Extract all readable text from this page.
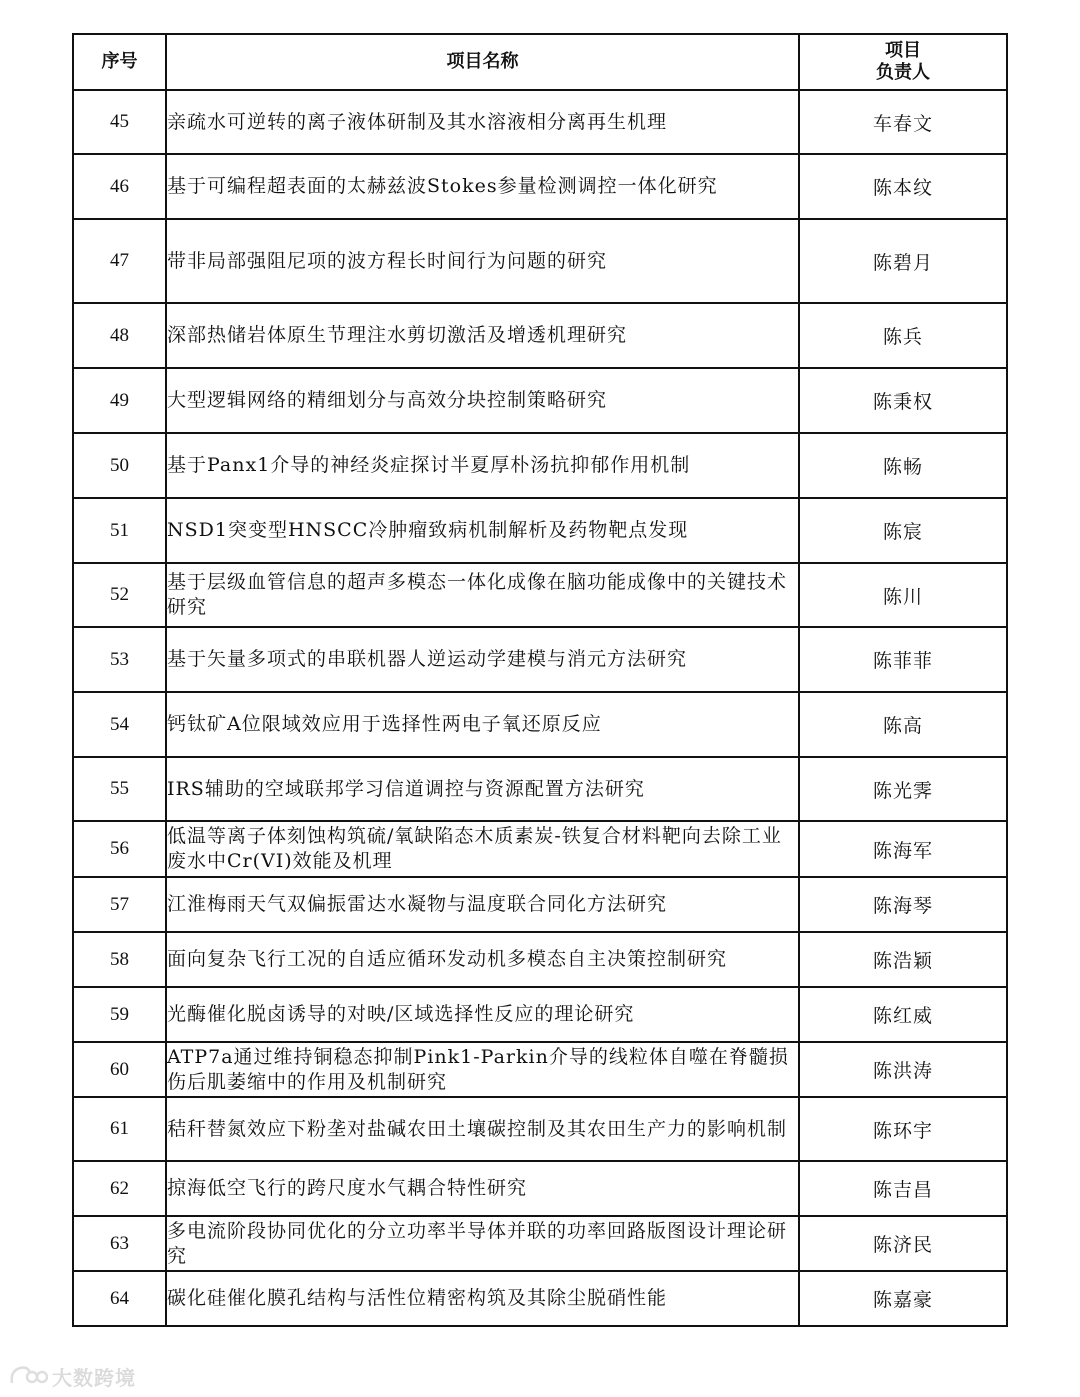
序号	项目名称	项目
负责人

45	亲疏水可逆转的离子液体研制及其水溶液相分离再生机理	车春文
46	基于可编程超表面的太赫兹波Stokes参量检测调控一体化研究	陈本纹
47	带非局部强阻尼项的波方程长时间行为问题的研究	陈碧月
48	深部热储岩体原生节理注水剪切激活及增透机理研究	陈兵
49	大型逻辑网络的精细划分与高效分块控制策略研究	陈秉权
50	基于Panx1介导的神经炎症探讨半夏厚朴汤抗抑郁作用机制	陈畅
51	NSD1突变型HNSCC冷肿瘤致病机制解析及药物靶点发现	陈宸
52	基于层级血管信息的超声多模态一体化成像在脑功能成像中的关键技术研究	陈川
53	基于矢量多项式的串联机器人逆运动学建模与消元方法研究	陈菲菲
54	钙钛矿A位限域效应用于选择性两电子氧还原反应	陈高
55	IRS辅助的空域联邦学习信道调控与资源配置方法研究	陈光霁
56	低温等离子体刻蚀构筑硫/氧缺陷态木质素炭-铁复合材料靶向去除工业废水中Cr(VI)效能及机理	陈海军
57	江淮梅雨天气双偏振雷达水凝物与温度联合同化方法研究	陈海琴
58	面向复杂飞行工况的自适应循环发动机多模态自主决策控制研究	陈浩颖
59	光酶催化脱卤诱导的对映/区域选择性反应的理论研究	陈红威
60	ATP7a通过维持铜稳态抑制Pink1-Parkin介导的线粒体自噬在脊髓损伤后肌萎缩中的作用及机制研究	陈洪涛
61	秸秆替氮效应下粉垄对盐碱农田土壤碳控制及其农田生产力的影响机制	陈环宇
62	掠海低空飞行的跨尺度水气耦合特性研究	陈吉昌
63	多电流阶段协同优化的分立功率半导体并联的功率回路版图设计理论研究	陈济民
64	碳化硅催化膜孔结构与活性位精密构筑及其除尘脱硝性能	陈嘉豪
大数跨境
